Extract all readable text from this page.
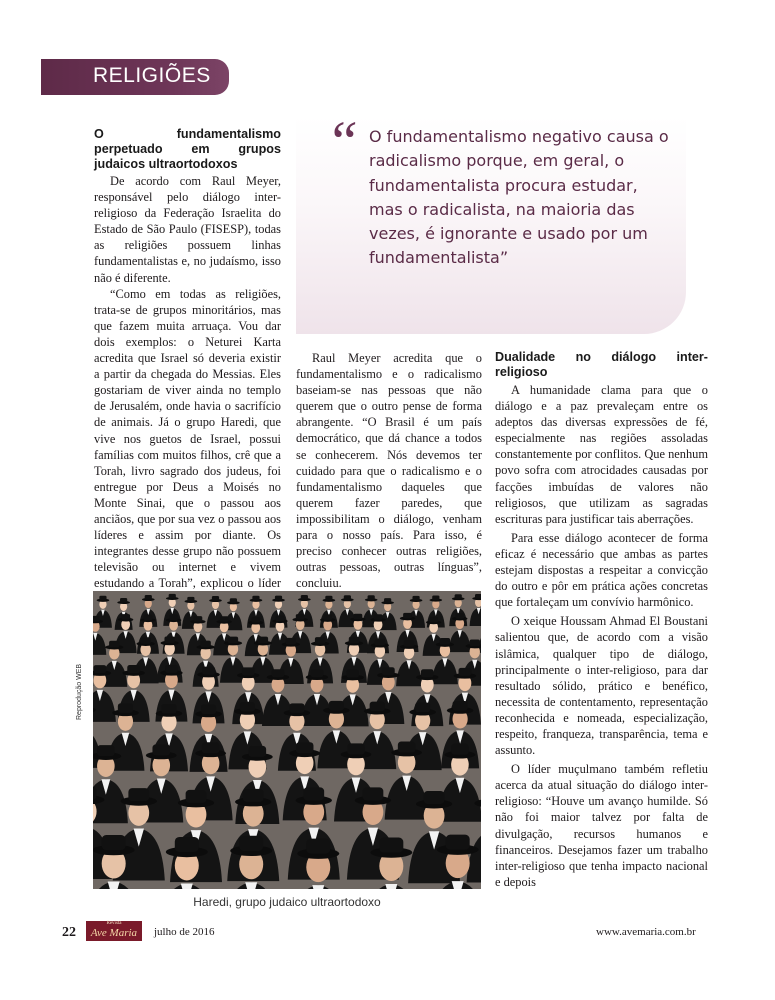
RELIGIÕES
O fundamentalismo perpetuado em grupos judaicos ultraortodoxos

De acordo com Raul Meyer, responsável pelo diálogo inter-religioso da Federação Israelita do Estado de São Paulo (FISESP), todas as religiões possuem linhas fundamentalistas e, no judaísmo, isso não é diferente.

“Como em todas as religiões, trata-se de grupos minoritários, mas que fazem muita arruaça. Vou dar dois exemplos: o Neturei Karta acredita que Israel só deveria existir a partir da chegada do Messias. Eles gostariam de viver ainda no templo de Jerusalém, onde havia o sacrifício de animais. Já o grupo Haredi, que vive nos guetos de Israel, possui famílias com muitos filhos, crê que a Torah, livro sagrado dos judeus, foi entregue por Deus a Moisés no Monte Sinai, que o passou aos anciãos, que por sua vez o passou aos líderes e assim por diante. Os integrantes desse grupo não possuem televisão ou internet e vivem estudando a Torah”, explicou o líder

“ O fundamentalismo negativo causa o radicalismo porque, em geral, o fundamentalista procura estudar, mas o radicalista, na maioria das vezes, é ignorante e usado por um fundamentalista”

Raul Meyer acredita que o fundamentalismo e o radicalismo baseiam-se nas pessoas que não querem que o outro pense de forma abrangente. “O Brasil é um país democrático, que dá chance a todos se conhecerem. Nós devemos ter cuidado para que o radicalismo e o fundamentalismo daqueles que querem fazer paredes, que impossibilitam o diálogo, venham para o nosso país. Para isso, é preciso conhecer outras religiões, outras pessoas, outras línguas”, concluiu.

Dualidade no diálogo inter-religioso

A humanidade clama para que o diálogo e a paz prevaleçam entre os adeptos das diversas expressões de fé, especialmente nas regiões assoladas constantemente por conflitos. Que nenhum povo sofra com atrocidades causadas por facções imbuídas de valores não religiosos, que utilizam as sagradas escrituras para justificar tais aberrações.

Para esse diálogo acontecer de forma eficaz é necessário que ambas as partes estejam dispostas a respeitar a convicção do outro e pôr em prática ações concretas que fortaleçam um convívio harmônico.

O xeique Houssam Ahmad El Boustani salientou que, de acordo com a visão islâmica, qualquer tipo de diálogo, principalmente o inter-religioso, para dar resultado sólido, prático e benéfico, necessita de contentamento, representação reconhecida e nomeada, especialização, respeito, franqueza, transparência, tema e assunto.

O líder muçulmano também refletiu acerca da atual situação do diálogo inter-religioso: “Houve um avanço humilde. Só não foi maior talvez por falta de divulgação, recursos humanos e financeiros. Desejamos fazer um trabalho inter-religioso que tenha impacto nacional e depois

Reprodução WEB
Haredi, grupo judaico ultraortodoxo
22
Revista
Ave Maria	julho de 2016	www.avemaria.com.br
